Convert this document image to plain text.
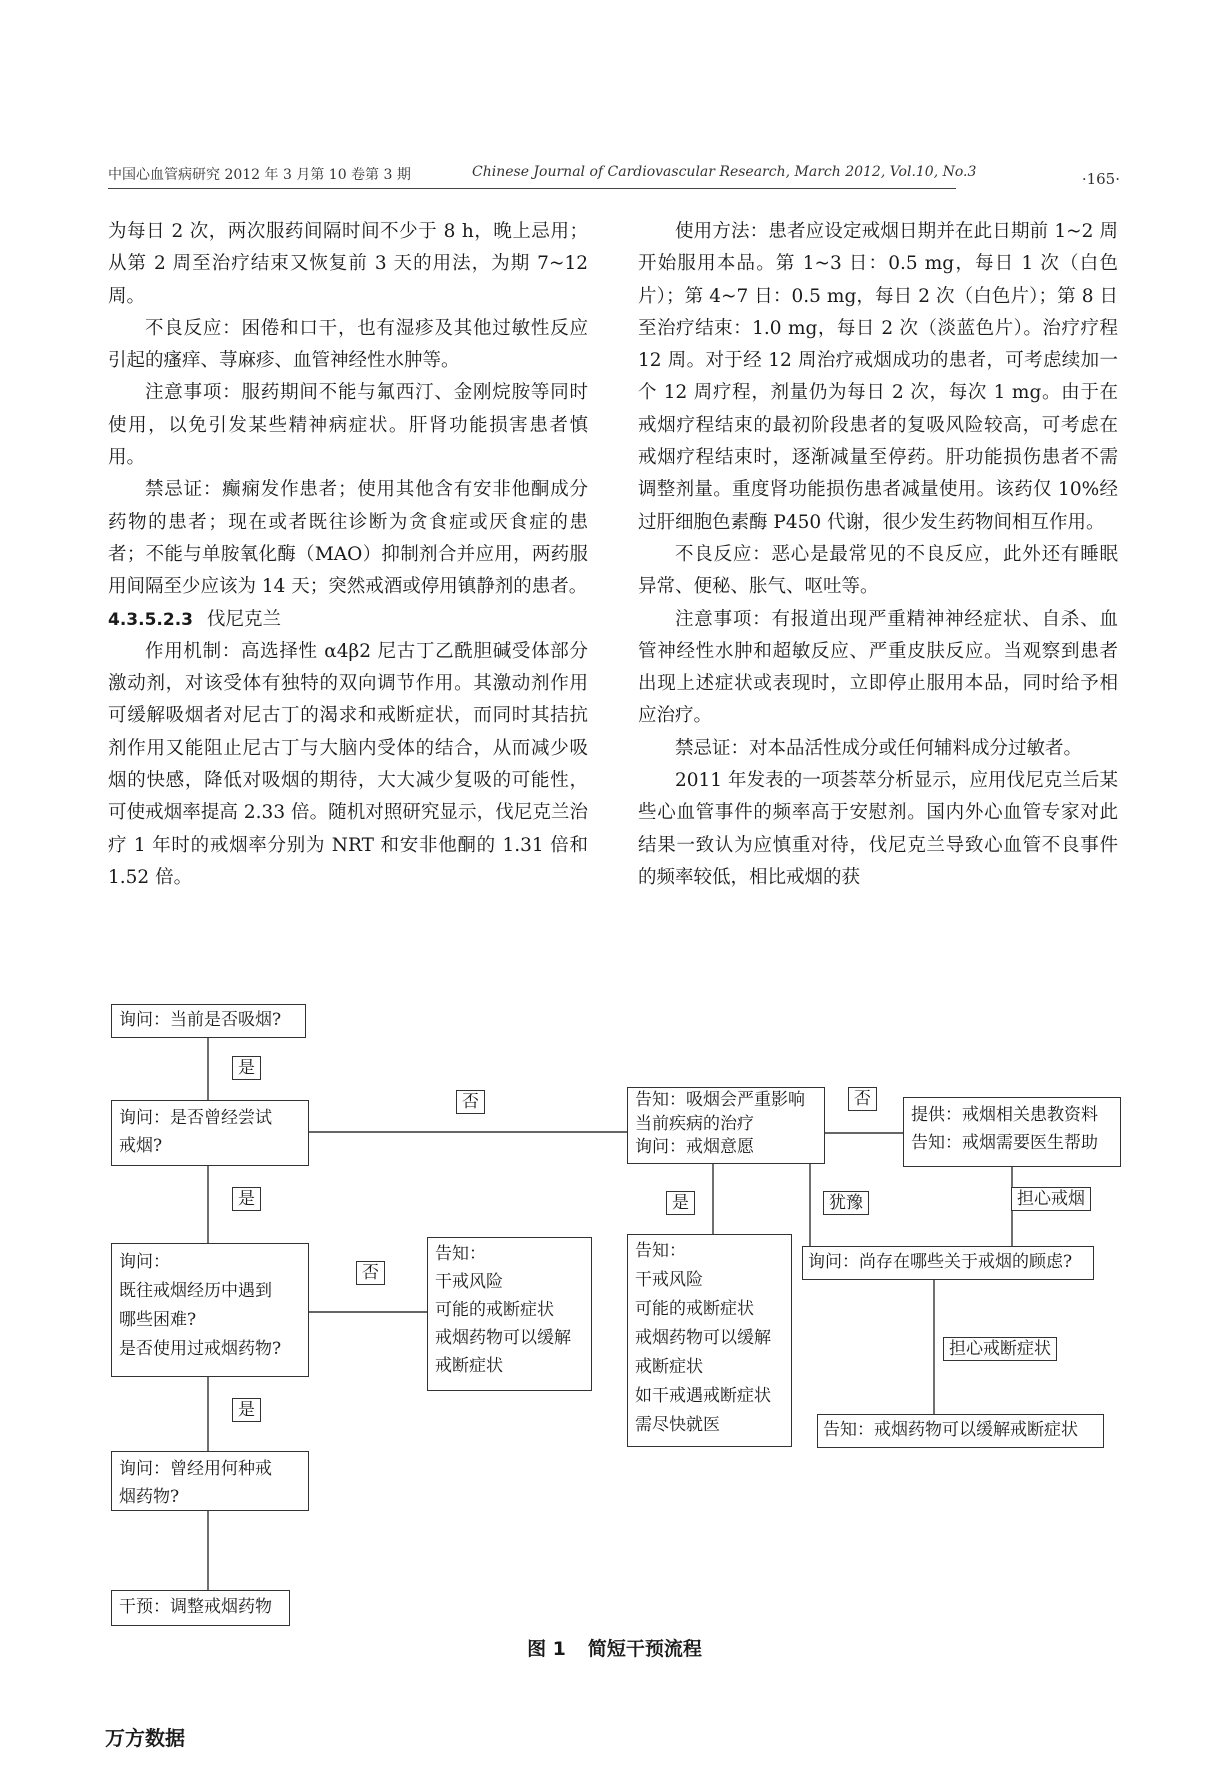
中国心血管病研究 2012 年 3 月第 10 卷第 3 期	Chinese Journal of Cardiovascular Research, March 2012, Vol.10, No.3	·165·

为每日 2 次，两次服药间隔时间不少于 8 h，晚上忌用；从第 2 周至治疗结束又恢复前 3 天的用法，为期 7~12 周。

不良反应：困倦和口干，也有湿疹及其他过敏性反应引起的瘙痒、荨麻疹、血管神经性水肿等。

注意事项：服药期间不能与氟西汀、金刚烷胺等同时使用，以免引发某些精神病症状。肝肾功能损害患者慎用。

禁忌证：癫痫发作患者；使用其他含有安非他酮成分药物的患者；现在或者既往诊断为贪食症或厌食症的患者；不能与单胺氧化酶（MAO）抑制剂合并应用，两药服用间隔至少应该为 14 天；突然戒酒或停用镇静剂的患者。

4.3.5.2.3 伐尼克兰

作用机制：高选择性 α4β2 尼古丁乙酰胆碱受体部分激动剂，对该受体有独特的双向调节作用。其激动剂作用可缓解吸烟者对尼古丁的渴求和戒断症状，而同时其拮抗剂作用又能阻止尼古丁与大脑内受体的结合，从而减少吸烟的快感，降低对吸烟的期待，大大减少复吸的可能性，可使戒烟率提高 2.33 倍。随机对照研究显示，伐尼克兰治疗 1 年时的戒烟率分别为 NRT 和安非他酮的 1.31 倍和 1.52 倍。

使用方法：患者应设定戒烟日期并在此日期前 1~2 周开始服用本品。第 1~3 日：0.5 mg，每日 1 次（白色片）；第 4~7 日：0.5 mg，每日 2 次（白色片）；第 8 日至治疗结束：1.0 mg，每日 2 次（淡蓝色片）。治疗疗程 12 周。对于经 12 周治疗戒烟成功的患者，可考虑续加一个 12 周疗程，剂量仍为每日 2 次，每次 1 mg。由于在戒烟疗程结束的最初阶段患者的复吸风险较高，可考虑在戒烟疗程结束时，逐渐减量至停药。肝功能损伤患者不需调整剂量。重度肾功能损伤患者减量使用。该药仅 10%经过肝细胞色素酶 P450 代谢，很少发生药物间相互作用。

不良反应：恶心是最常见的不良反应，此外还有睡眠异常、便秘、胀气、呕吐等。

注意事项：有报道出现严重精神神经症状、自杀、血管神经性水肿和超敏反应、严重皮肤反应。当观察到患者出现上述症状或表现时，立即停止服用本品，同时给予相应治疗。

禁忌证：对本品活性成分或任何辅料成分过敏者。

2011 年发表的一项荟萃分析显示，应用伐尼克兰后某些心血管事件的频率高于安慰剂。国内外心血管专家对此结果一致认为应慎重对待，伐尼克兰导致心血管不良事件的频率较低，相比戒烟的获

询问：当前是否吸烟?
询问：是否曾经尝试
戒烟?
询问：
既往戒烟经历中遇到
哪些困难?
是否使用过戒烟药物?
询问：曾经用何种戒
烟药物?
干预：调整戒烟药物
告知：
干戒风险
可能的戒断症状
戒烟药物可以缓解
戒断症状
告知：吸烟会严重影响
当前疾病的治疗
询问：戒烟意愿
提供：戒烟相关患教资料
告知：戒烟需要医生帮助
告知：
干戒风险
可能的戒断症状
戒烟药物可以缓解
戒断症状
如干戒遇戒断症状
需尽快就医
询问：尚存在哪些关于戒烟的顾虑?
告知：戒烟药物可以缓解戒断症状
是
否
是
否
是
否
是	犹豫	担心戒烟
担心戒断症状
图 1 简短干预流程
万方数据
